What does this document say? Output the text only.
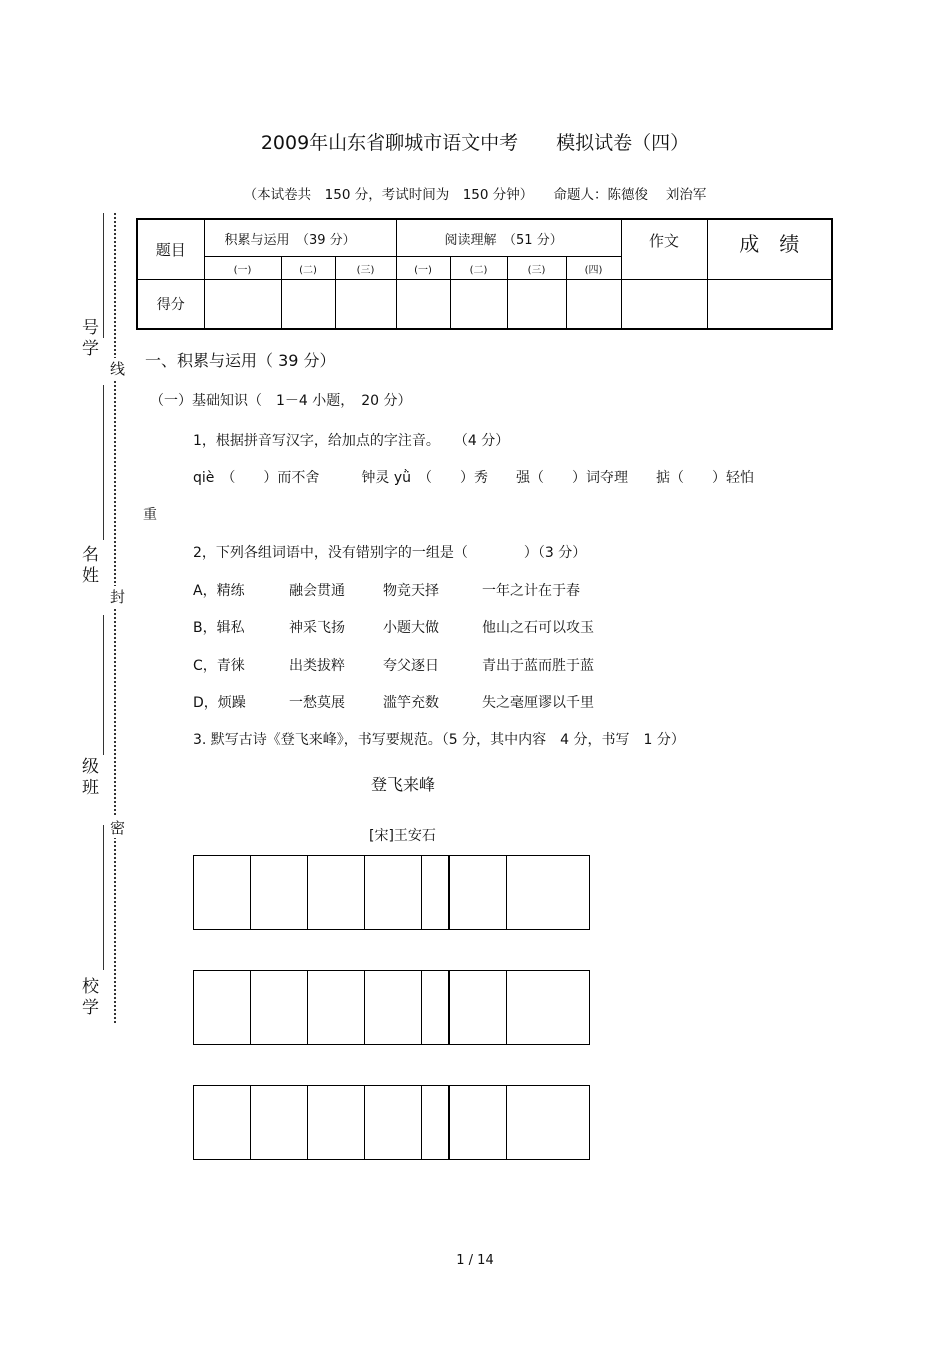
2009年山东省聊城市语文中考　　模拟试卷（四）
（本试卷共　150 分，考试时间为　150 分钟）　　命题人：陈德俊　 刘治军
号学
名姓
级班
校学
线
封
密
题目	积累与运用　（39 分）			阅读理解　（51 分）				作文	成　绩
	(一)	(二)	(三)	(一)	(二)	(三)	(四)		
得分									
一、积累与运用（ 39 分）
（一）基础知识（　1－4 小题，　20 分）
1，根据拼音写汉字，给加点的字注音。　　（4 分）
qiè　（　　）而不舍　　　钟灵 yǜ　（　　）秀　　强（　　）词夺理　　掂（　　）轻怕
重
2，下列各组词语中，没有错别字的一组是（　　　　）（3 分）
A，精练	融会贯通	物竞天择	一年之计在于春
B，辑私	神采飞扬	小题大做	他山之石可以攻玉
C，青徕	出类拔粹	夸父逐日	青出于蓝而胜于蓝
D，烦躁	一愁莫展	滥竽充数	失之毫厘谬以千里
3. 默写古诗《登飞来峰》，书写要规范。（5 分，其中内容　4 分，书写　1 分）
登飞来峰
[宋]王安石
1 / 14
